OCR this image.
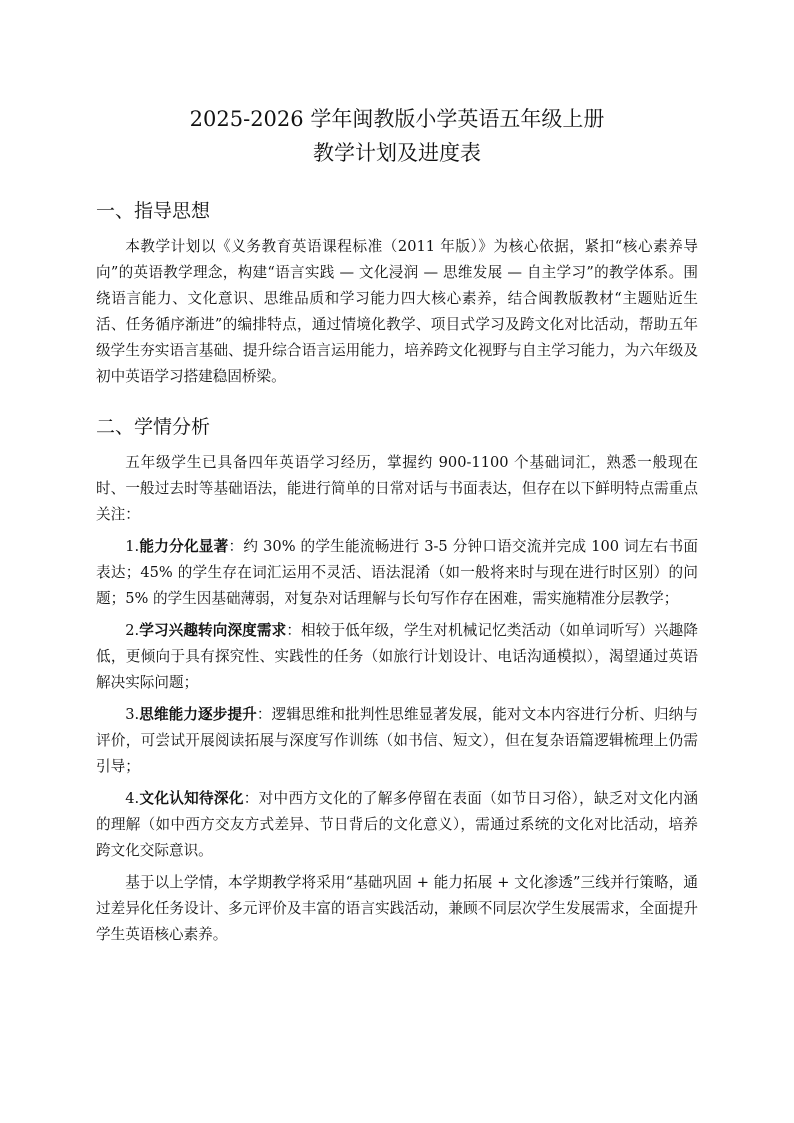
2025-2026 学年闽教版小学英语五年级上册
教学计划及进度表
一、指导思想

本教学计划以《义务教育英语课程标准（2011 年版）》为核心依据，紧扣“核心素养导向”的英语教学理念，构建“语言实践 — 文化浸润 — 思维发展 — 自主学习”的教学体系。围绕语言能力、文化意识、思维品质和学习能力四大核心素养，结合闽教版教材“主题贴近生活、任务循序渐进”的编排特点，通过情境化教学、项目式学习及跨文化对比活动，帮助五年级学生夯实语言基础、提升综合语言运用能力，培养跨文化视野与自主学习能力，为六年级及初中英语学习搭建稳固桥梁。

二、学情分析

五年级学生已具备四年英语学习经历，掌握约 900-1100 个基础词汇，熟悉一般现在时、一般过去时等基础语法，能进行简单的日常对话与书面表达，但存在以下鲜明特点需重点关注：

1.能力分化显著：约 30% 的学生能流畅进行 3-5 分钟口语交流并完成 100 词左右书面表达；45% 的学生存在词汇运用不灵活、语法混淆（如一般将来时与现在进行时区别）的问题；5% 的学生因基础薄弱，对复杂对话理解与长句写作存在困难，需实施精准分层教学；

2.学习兴趣转向深度需求：相较于低年级，学生对机械记忆类活动（如单词听写）兴趣降低，更倾向于具有探究性、实践性的任务（如旅行计划设计、电话沟通模拟），渴望通过英语解决实际问题；

3.思维能力逐步提升：逻辑思维和批判性思维显著发展，能对文本内容进行分析、归纳与评价，可尝试开展阅读拓展与深度写作训练（如书信、短文），但在复杂语篇逻辑梳理上仍需引导；

4.文化认知待深化：对中西方文化的了解多停留在表面（如节日习俗），缺乏对文化内涵的理解（如中西方交友方式差异、节日背后的文化意义），需通过系统的文化对比活动，培养跨文化交际意识。

基于以上学情，本学期教学将采用“基础巩固 + 能力拓展 + 文化渗透”三线并行策略，通过差异化任务设计、多元评价及丰富的语言实践活动，兼顾不同层次学生发展需求，全面提升学生英语核心素养。
